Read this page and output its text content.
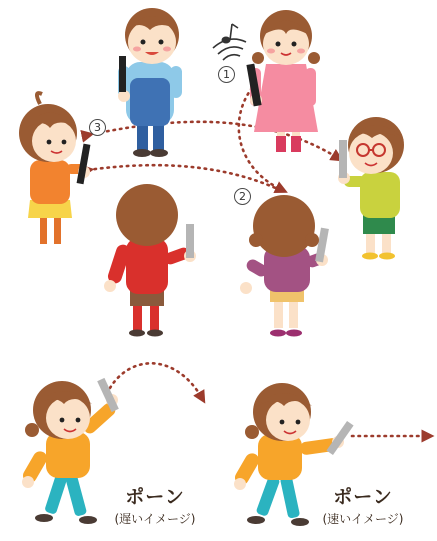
1
2
3
ポーン
(遅いイメージ)
ポーン
(速いイメージ)
